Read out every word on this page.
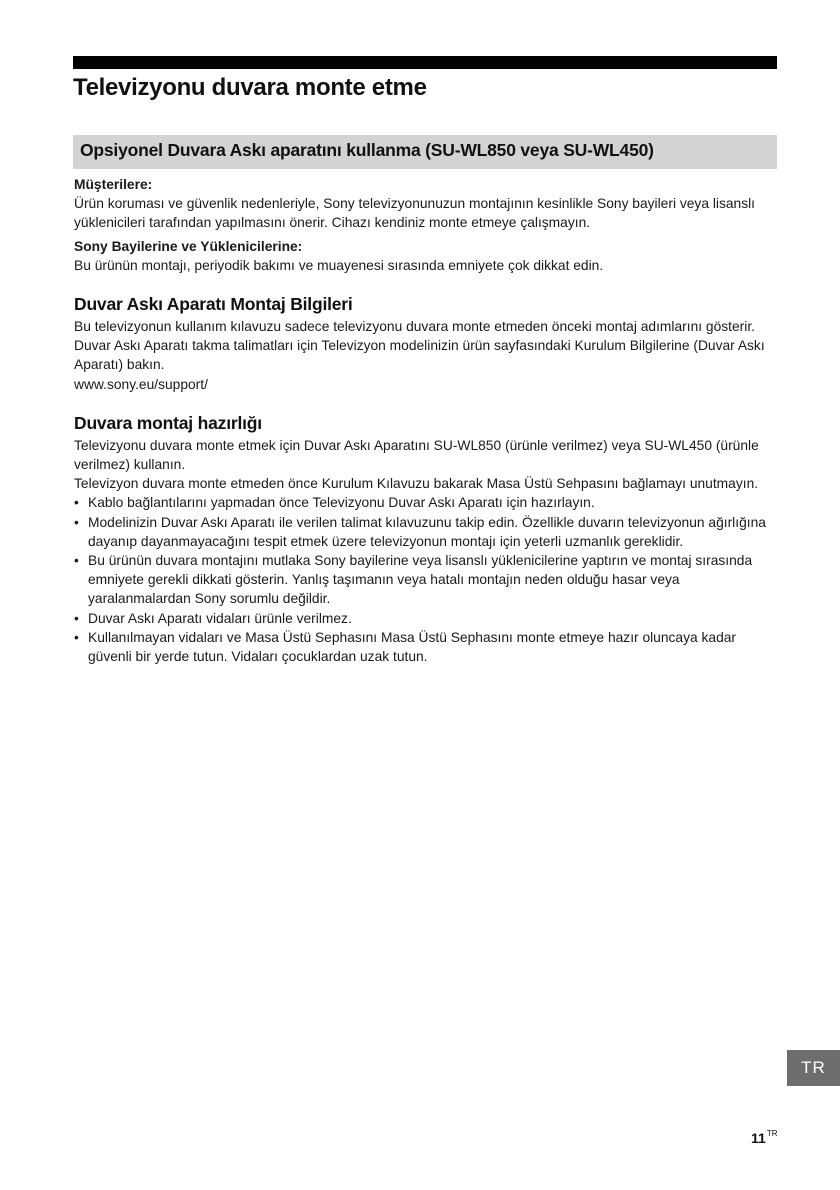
Televizyonu duvara monte etme
Opsiyonel Duvara Askı aparatını kullanma (SU-WL850 veya SU-WL450)

Müşterilere:

Ürün koruması ve güvenlik nedenleriyle, Sony televizyonunuzun montajının kesinlikle Sony bayileri veya lisanslı yüklenicileri tarafından yapılmasını önerir. Cihazı kendiniz monte etmeye çalışmayın.

Sony Bayilerine ve Yüklenicilerine:

Bu ürünün montajı, periyodik bakımı ve muayenesi sırasında emniyete çok dikkat edin.

Duvar Askı Aparatı Montaj Bilgileri

Bu televizyonun kullanım kılavuzu sadece televizyonu duvara monte etmeden önceki montaj adımlarını gösterir.

Duvar Askı Aparatı takma talimatları için Televizyon modelinizin ürün sayfasındaki Kurulum Bilgilerine (Duvar Askı Aparatı) bakın.

www.sony.eu/support/

Duvara montaj hazırlığı

Televizyonu duvara monte etmek için Duvar Askı Aparatını SU-WL850 (ürünle verilmez) veya SU-WL450 (ürünle verilmez) kullanın.

Televizyon duvara monte etmeden önce Kurulum Kılavuzu bakarak Masa Üstü Sehpasını bağlamayı unutmayın.

• Kablo bağlantılarını yapmadan önce Televizyonu Duvar Askı Aparatı için hazırlayın.
• Modelinizin Duvar Askı Aparatı ile verilen talimat kılavuzunu takip edin. Özellikle duvarın televizyonun ağırlığına dayanıp dayanmayacağını tespit etmek üzere televizyonun montajı için yeterli uzmanlık gereklidir.
• Bu ürünün duvara montajını mutlaka Sony bayilerine veya lisanslı yüklenicilerine yaptırın ve montaj sırasında emniyete gerekli dikkati gösterin. Yanlış taşımanın veya hatalı montajın neden olduğu hasar veya yaralanmalardan Sony sorumlu değildir.
• Duvar Askı Aparatı vidaları ürünle verilmez.
• Kullanılmayan vidaları ve Masa Üstü Sephasını Masa Üstü Sephasını monte etmeye hazır oluncaya kadar güvenli bir yerde tutun. Vidaları çocuklardan uzak tutun.
TR
$11^{TR}$
